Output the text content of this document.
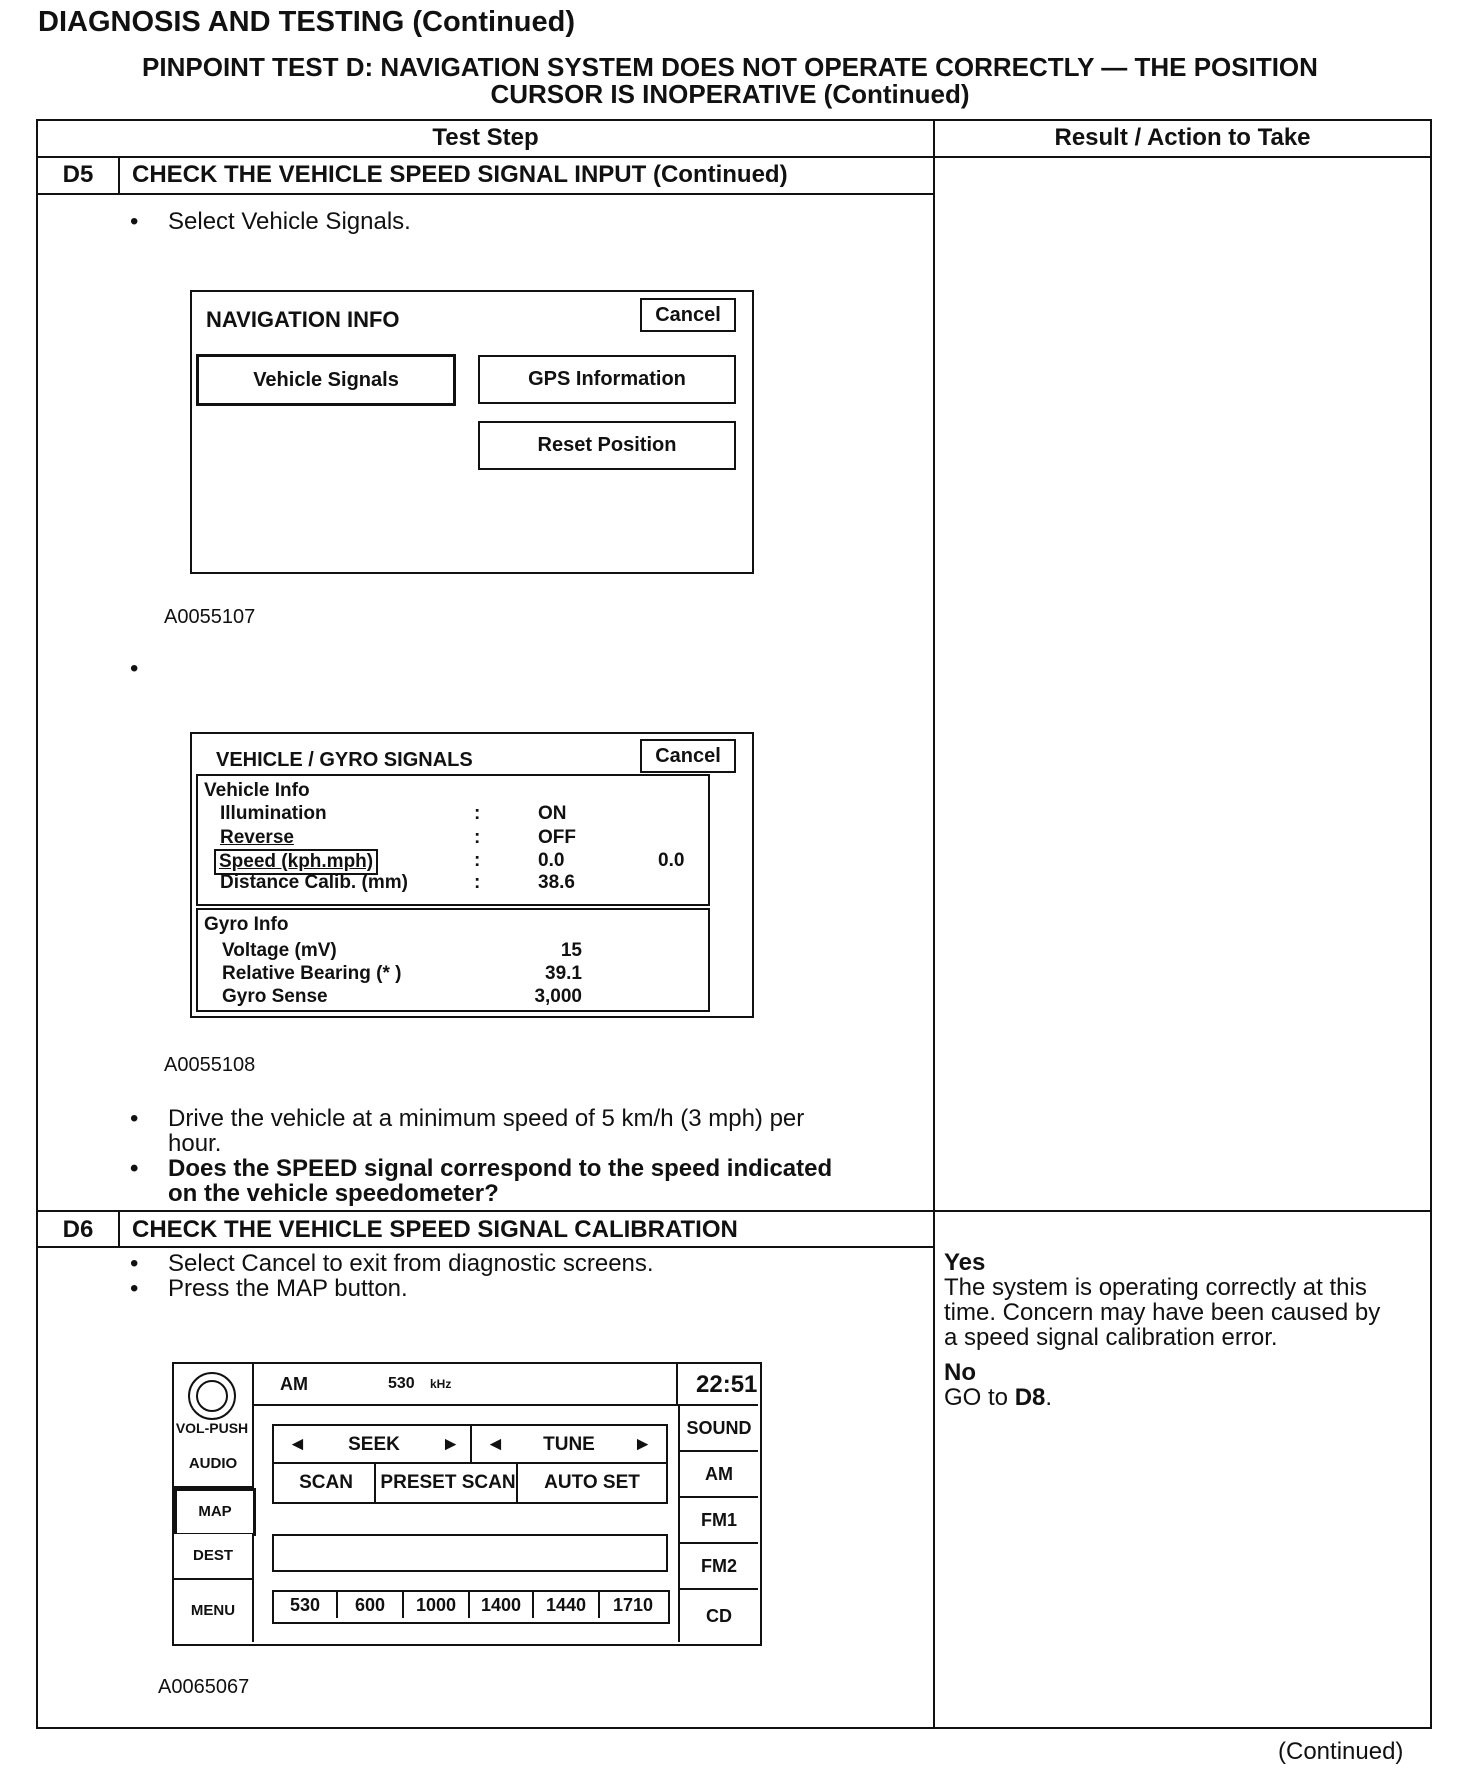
DIAGNOSIS AND TESTING (Continued)
PINPOINT TEST D: NAVIGATION SYSTEM DOES NOT OPERATE CORRECTLY — THE POSITION
CURSOR IS INOPERATIVE (Continued)
Test Step	Result / Action to Take
D5	CHECK THE VEHICLE SPEED SIGNAL INPUT (Continued)
• Select Vehicle Signals.
NAVIGATION INFO	Cancel
Vehicle Signals	GPS Information
Reset Position
A0055107
•
VEHICLE / GYRO SIGNALS	Cancel
Vehicle Info
Illumination	:	ON
Reverse	:	OFF
Speed (kph.mph)	:	0.0	0.0
Distance Calib. (mm)	:	38.6
Gyro Info
Voltage (mV)	15
Relative Bearing (* )	39.1
Gyro Sense	3,000
A0055108
• Drive the vehicle at a minimum speed of 5 km/h (3 mph) per
hour.
• Does the SPEED signal correspond to the speed indicated
on the vehicle speedometer?
D6	CHECK THE VEHICLE SPEED SIGNAL CALIBRATION
• Select Cancel to exit from diagnostic screens.
• Press the MAP button.
Yes
The system is operating correctly at this
time. Concern may have been caused by
a speed signal calibration error.
No
GO to D8.
VOL-PUSH
AUDIO
MAP
DEST
MENU
AM	530 kHz	22:51
SOUND
AM
FM1
FM2
CD
◄ SEEK ► ◄ TUNE ►
SCAN	PRESET SCAN	AUTO SET
530	600	1000	1400	1440	1710
A0065067
(Continued)
